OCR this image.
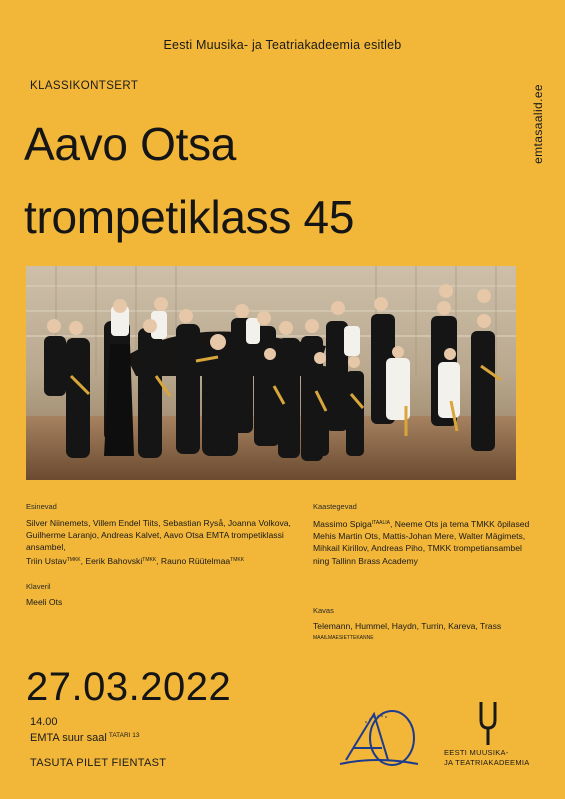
Eesti Muusika- ja Teatriakadeemia esitleb
KLASSIKONTSERT
Aavo Otsa
trompetiklass 45
emtasaalid.ee
Esinevad
Silver Niinemets, Villem Endel Tiits, Sebastian Ryså, Joanna Volkova, Guilherme Laranjo, Andreas Kalvet, Aavo Otsa EMTA trompetiklassi ansambel,
Triin Ustav$^{TMKK}$, Eerik Bahovski$^{TMKK}$, Rauno Rüütelmaa$^{TMKK}$
Klaveril
Meeli Ots
Kaastegevad
Massimo Spiga$^{ITAALIA}$, Neeme Ots ja tema TMKK õpilased Mehis Martin Ots, Mattis-Johan Mere, Walter Mägimets, Mihkail Kirillov, Andreas Piho, TMKK trompetiansambel ning Tallinn Brass Academy
Kavas
Telemann, Hummel, Haydn, Turrin, Kareva, Trass $^{MAAILMAESIETTEKANNE}$
27.03.2022
14.00
EMTA suur saal $^{TATARI 13}$
TASUTA PILET FIENTAST
EESTI MUUSIKA-
JA TEATRIAKADEEMIA
